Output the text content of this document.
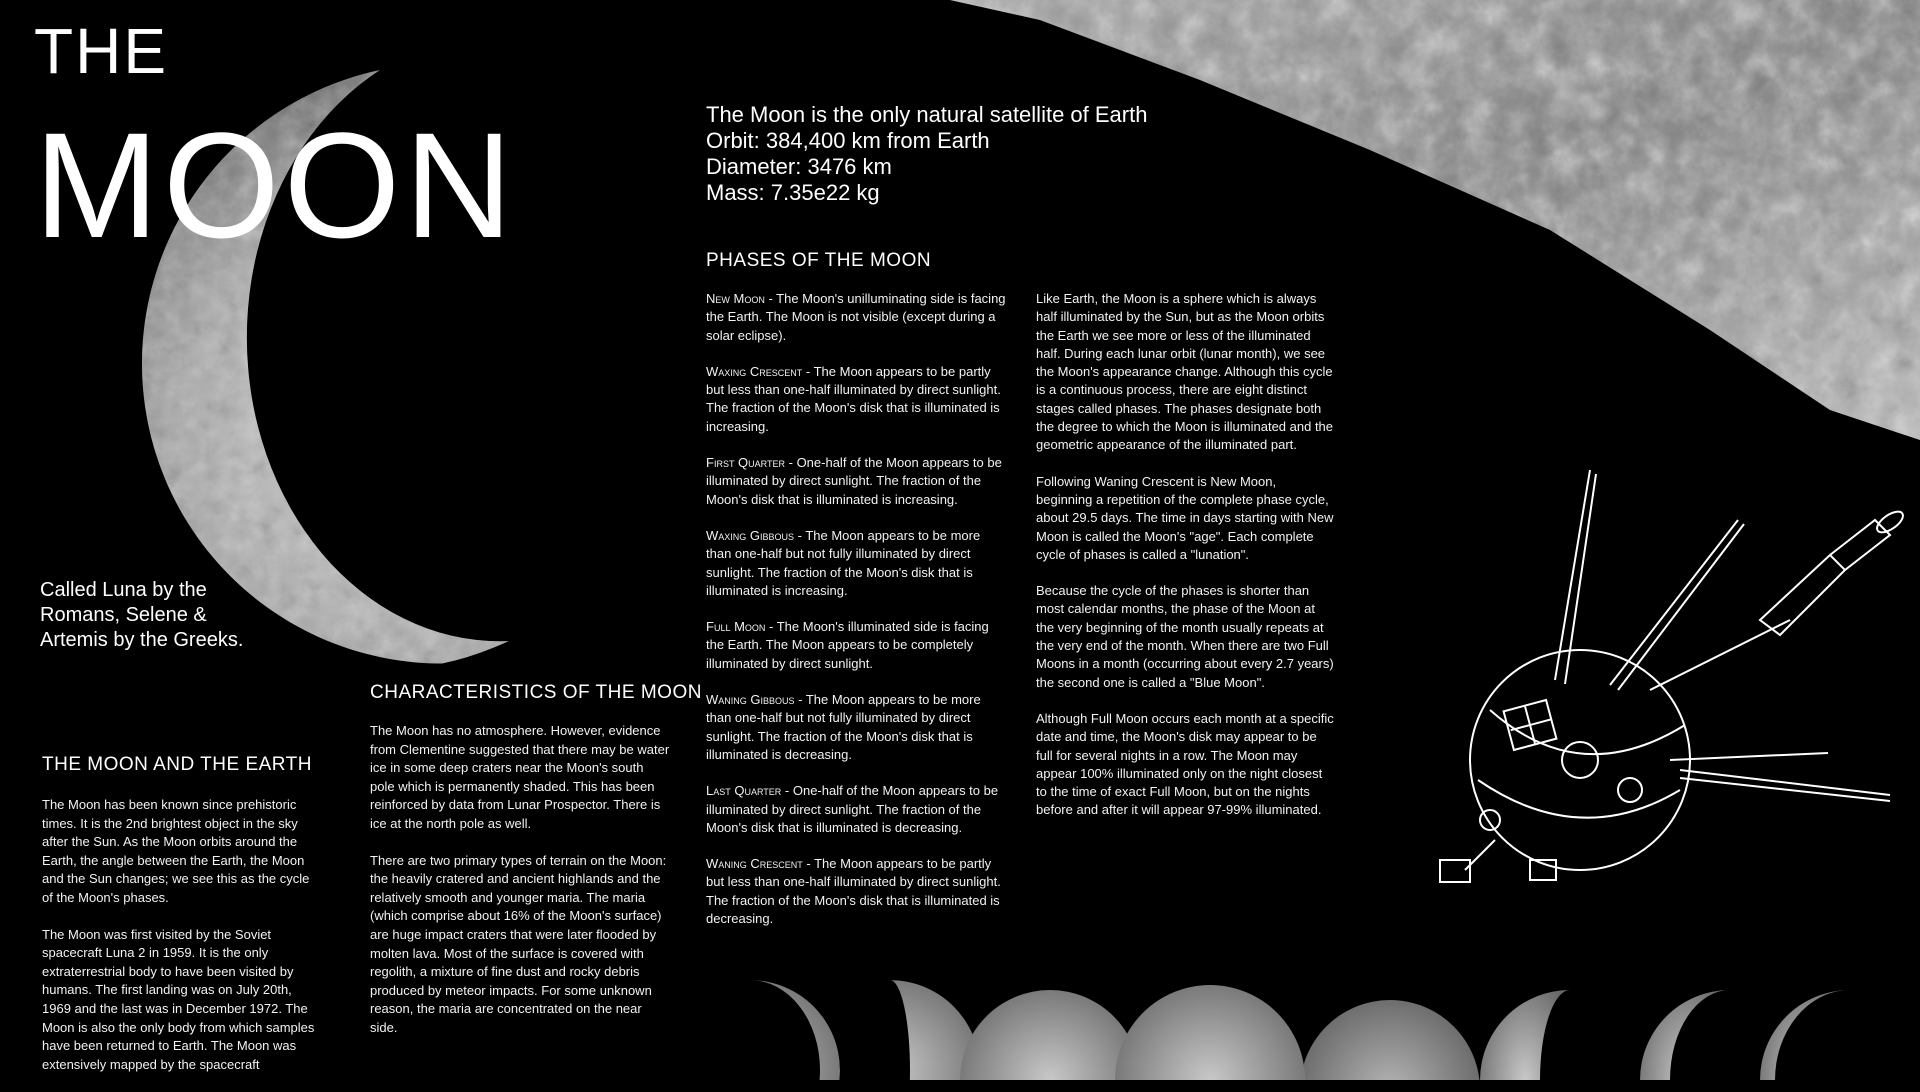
THE
MOON
Called Luna by the Romans, Selene & Artemis by the Greeks.
The Moon is the only natural satellite of Earth
Orbit: 384,400 km from Earth
Diameter: 3476 km
Mass: 7.35e22 kg
THE MOON AND THE EARTH

The Moon has been known since prehistoric times. It is the 2nd brightest object in the sky after the Sun. As the Moon orbits around the Earth, the angle between the Earth, the Moon and the Sun changes; we see this as the cycle of the Moon's phases.

The Moon was first visited by the Soviet spacecraft Luna 2 in 1959. It is the only extraterrestrial body to have been visited by humans. The first landing was on July 20th, 1969 and the last was in December 1972. The Moon is also the only body from which samples have been returned to Earth. The Moon was extensively mapped by the spacecraft

CHARACTERISTICS OF THE MOON

The Moon has no atmosphere. However, evidence from Clementine suggested that there may be water ice in some deep craters near the Moon's south pole which is permanently shaded. This has been reinforced by data from Lunar Prospector. There is ice at the north pole as well.

There are two primary types of terrain on the Moon: the heavily cratered and ancient highlands and the relatively smooth and younger maria. The maria (which comprise about 16% of the Moon's surface) are huge impact craters that were later flooded by molten lava. Most of the surface is covered with regolith, a mixture of fine dust and rocky debris produced by meteor impacts. For some unknown reason, the maria are concentrated on the near side.

PHASES OF THE MOON

New Moon - The Moon's unilluminating side is facing the Earth. The Moon is not visible (except during a solar eclipse).

Waxing Crescent - The Moon appears to be partly but less than one-half illuminated by direct sunlight. The fraction of the Moon's disk that is illuminated is increasing.

First Quarter - One-half of the Moon appears to be illuminated by direct sunlight. The fraction of the Moon's disk that is illuminated is increasing.

Waxing Gibbous - The Moon appears to be more than one-half but not fully illuminated by direct sunlight. The fraction of the Moon's disk that is illuminated is increasing.

Full Moon - The Moon's illuminated side is facing the Earth. The Moon appears to be completely illuminated by direct sunlight.

Waning Gibbous - The Moon appears to be more than one-half but not fully illuminated by direct sunlight. The fraction of the Moon's disk that is illuminated is decreasing.

Last Quarter - One-half of the Moon appears to be illuminated by direct sunlight. The fraction of the Moon's disk that is illuminated is decreasing.

Waning Crescent - The Moon appears to be partly but less than one-half illuminated by direct sunlight. The fraction of the Moon's disk that is illuminated is decreasing.

Like Earth, the Moon is a sphere which is always half illuminated by the Sun, but as the Moon orbits the Earth we see more or less of the illuminated half. During each lunar orbit (lunar month), we see the Moon's appearance change. Although this cycle is a continuous process, there are eight distinct stages called phases. The phases designate both the degree to which the Moon is illuminated and the geometric appearance of the illuminated part.

Following Waning Crescent is New Moon, beginning a repetition of the complete phase cycle, about 29.5 days. The time in days starting with New Moon is called the Moon's "age". Each complete cycle of phases is called a "lunation".

Because the cycle of the phases is shorter than most calendar months, the phase of the Moon at the very beginning of the month usually repeats at the very end of the month. When there are two Full Moons in a month (occurring about every 2.7 years) the second one is called a "Blue Moon".

Although Full Moon occurs each month at a specific date and time, the Moon's disk may appear to be full for several nights in a row. The Moon may appear 100% illuminated only on the night closest to the time of exact Full Moon, but on the nights before and after it will appear 97-99% illuminated.
